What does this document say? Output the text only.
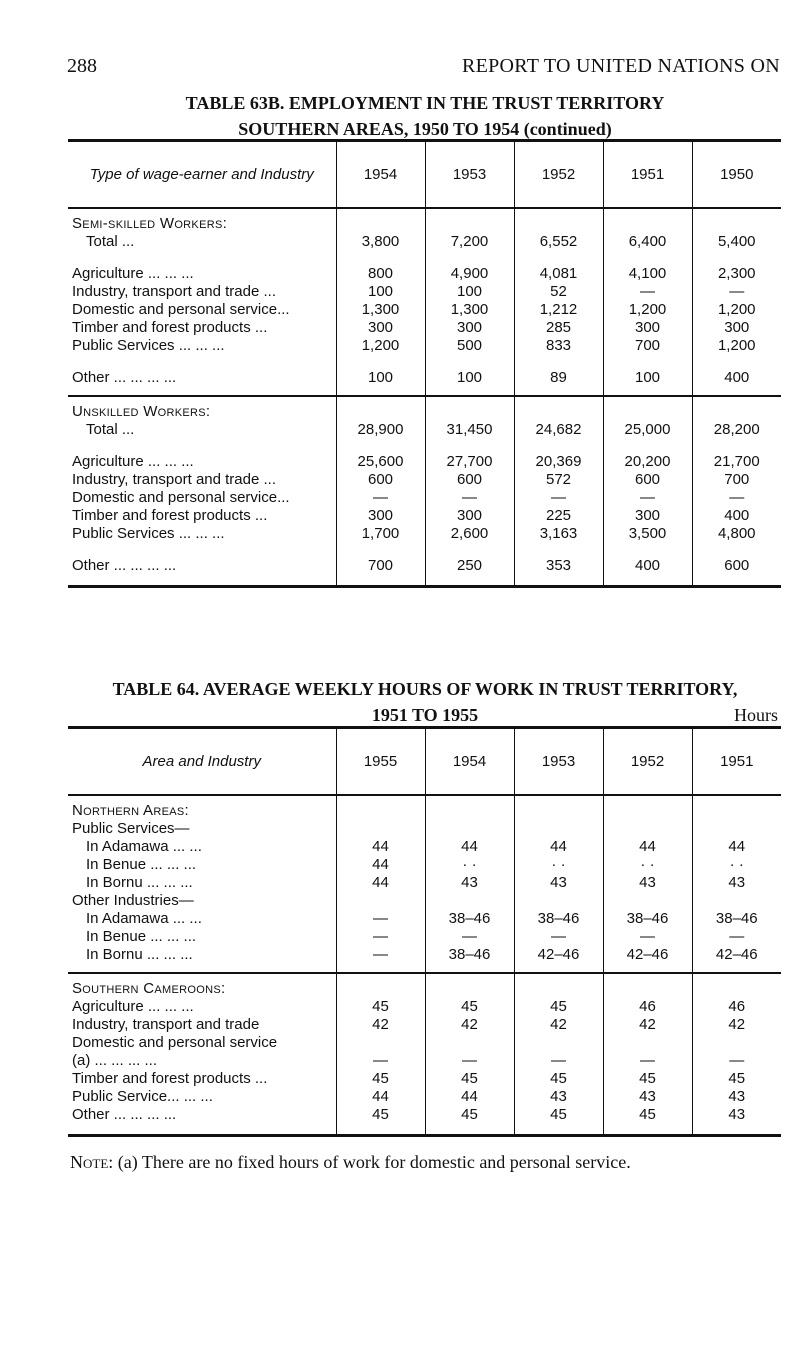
288	REPORT TO UNITED NATIONS ON
TABLE 63B. EMPLOYMENT IN THE TRUST TERRITORY
SOUTHERN AREAS, 1950 TO 1954 (continued)
Type of wage-earner and Industry	1954	1953	1952	1951	1950
Semi-skilled Workers:					
Total ...	3,800	7,200	6,552	6,400	5,400

Agriculture ... ... ...	800	4,900	4,081	4,100	2,300
Industry, transport and trade ...	100	100	52	—	—
Domestic and personal service...	1,300	1,300	1,212	1,200	1,200
Timber and forest products ...	300	300	285	300	300
Public Services ... ... ...	1,200	500	833	700	1,200

Other ... ... ... ...	100	100	89	100	400
Unskilled Workers:					
Total ...	28,900	31,450	24,682	25,000	28,200

Agriculture ... ... ...	25,600	27,700	20,369	20,200	21,700
Industry, transport and trade ...	600	600	572	600	700
Domestic and personal service...	—	—	—	—	—
Timber and forest products ...	300	300	225	300	400
Public Services ... ... ...	1,700	2,600	3,163	3,500	4,800

Other ... ... ... ...	700	250	353	400	600
TABLE 64. AVERAGE WEEKLY HOURS OF WORK IN TRUST TERRITORY,
1951 TO 1955	Hours
Area and Industry	1955	1954	1953	1952	1951
Northern Areas:					
Public Services—					
In Adamawa ... ...	44	44	44	44	44
In Benue ... ... ...	44	· ·	· ·	· ·	· ·
In Bornu ... ... ...	44	43	43	43	43
Other Industries—					
In Adamawa ... ...	—	38–46	38–46	38–46	38–46
In Benue ... ... ...	—	—	—	—	—
In Bornu ... ... ...	—	38–46	42–46	42–46	42–46
Southern Cameroons:					
Agriculture ... ... ...	45	45	45	46	46
Industry, transport and trade	42	42	42	42	42
Domestic and personal service					
(a) ... ... ... ...	—	—	—	—	—
Timber and forest products ...	45	45	45	45	45
Public Service... ... ...	44	44	43	43	43
Other ... ... ... ...	45	45	45	45	43
Note: (a) There are no fixed hours of work for domestic and personal service.
